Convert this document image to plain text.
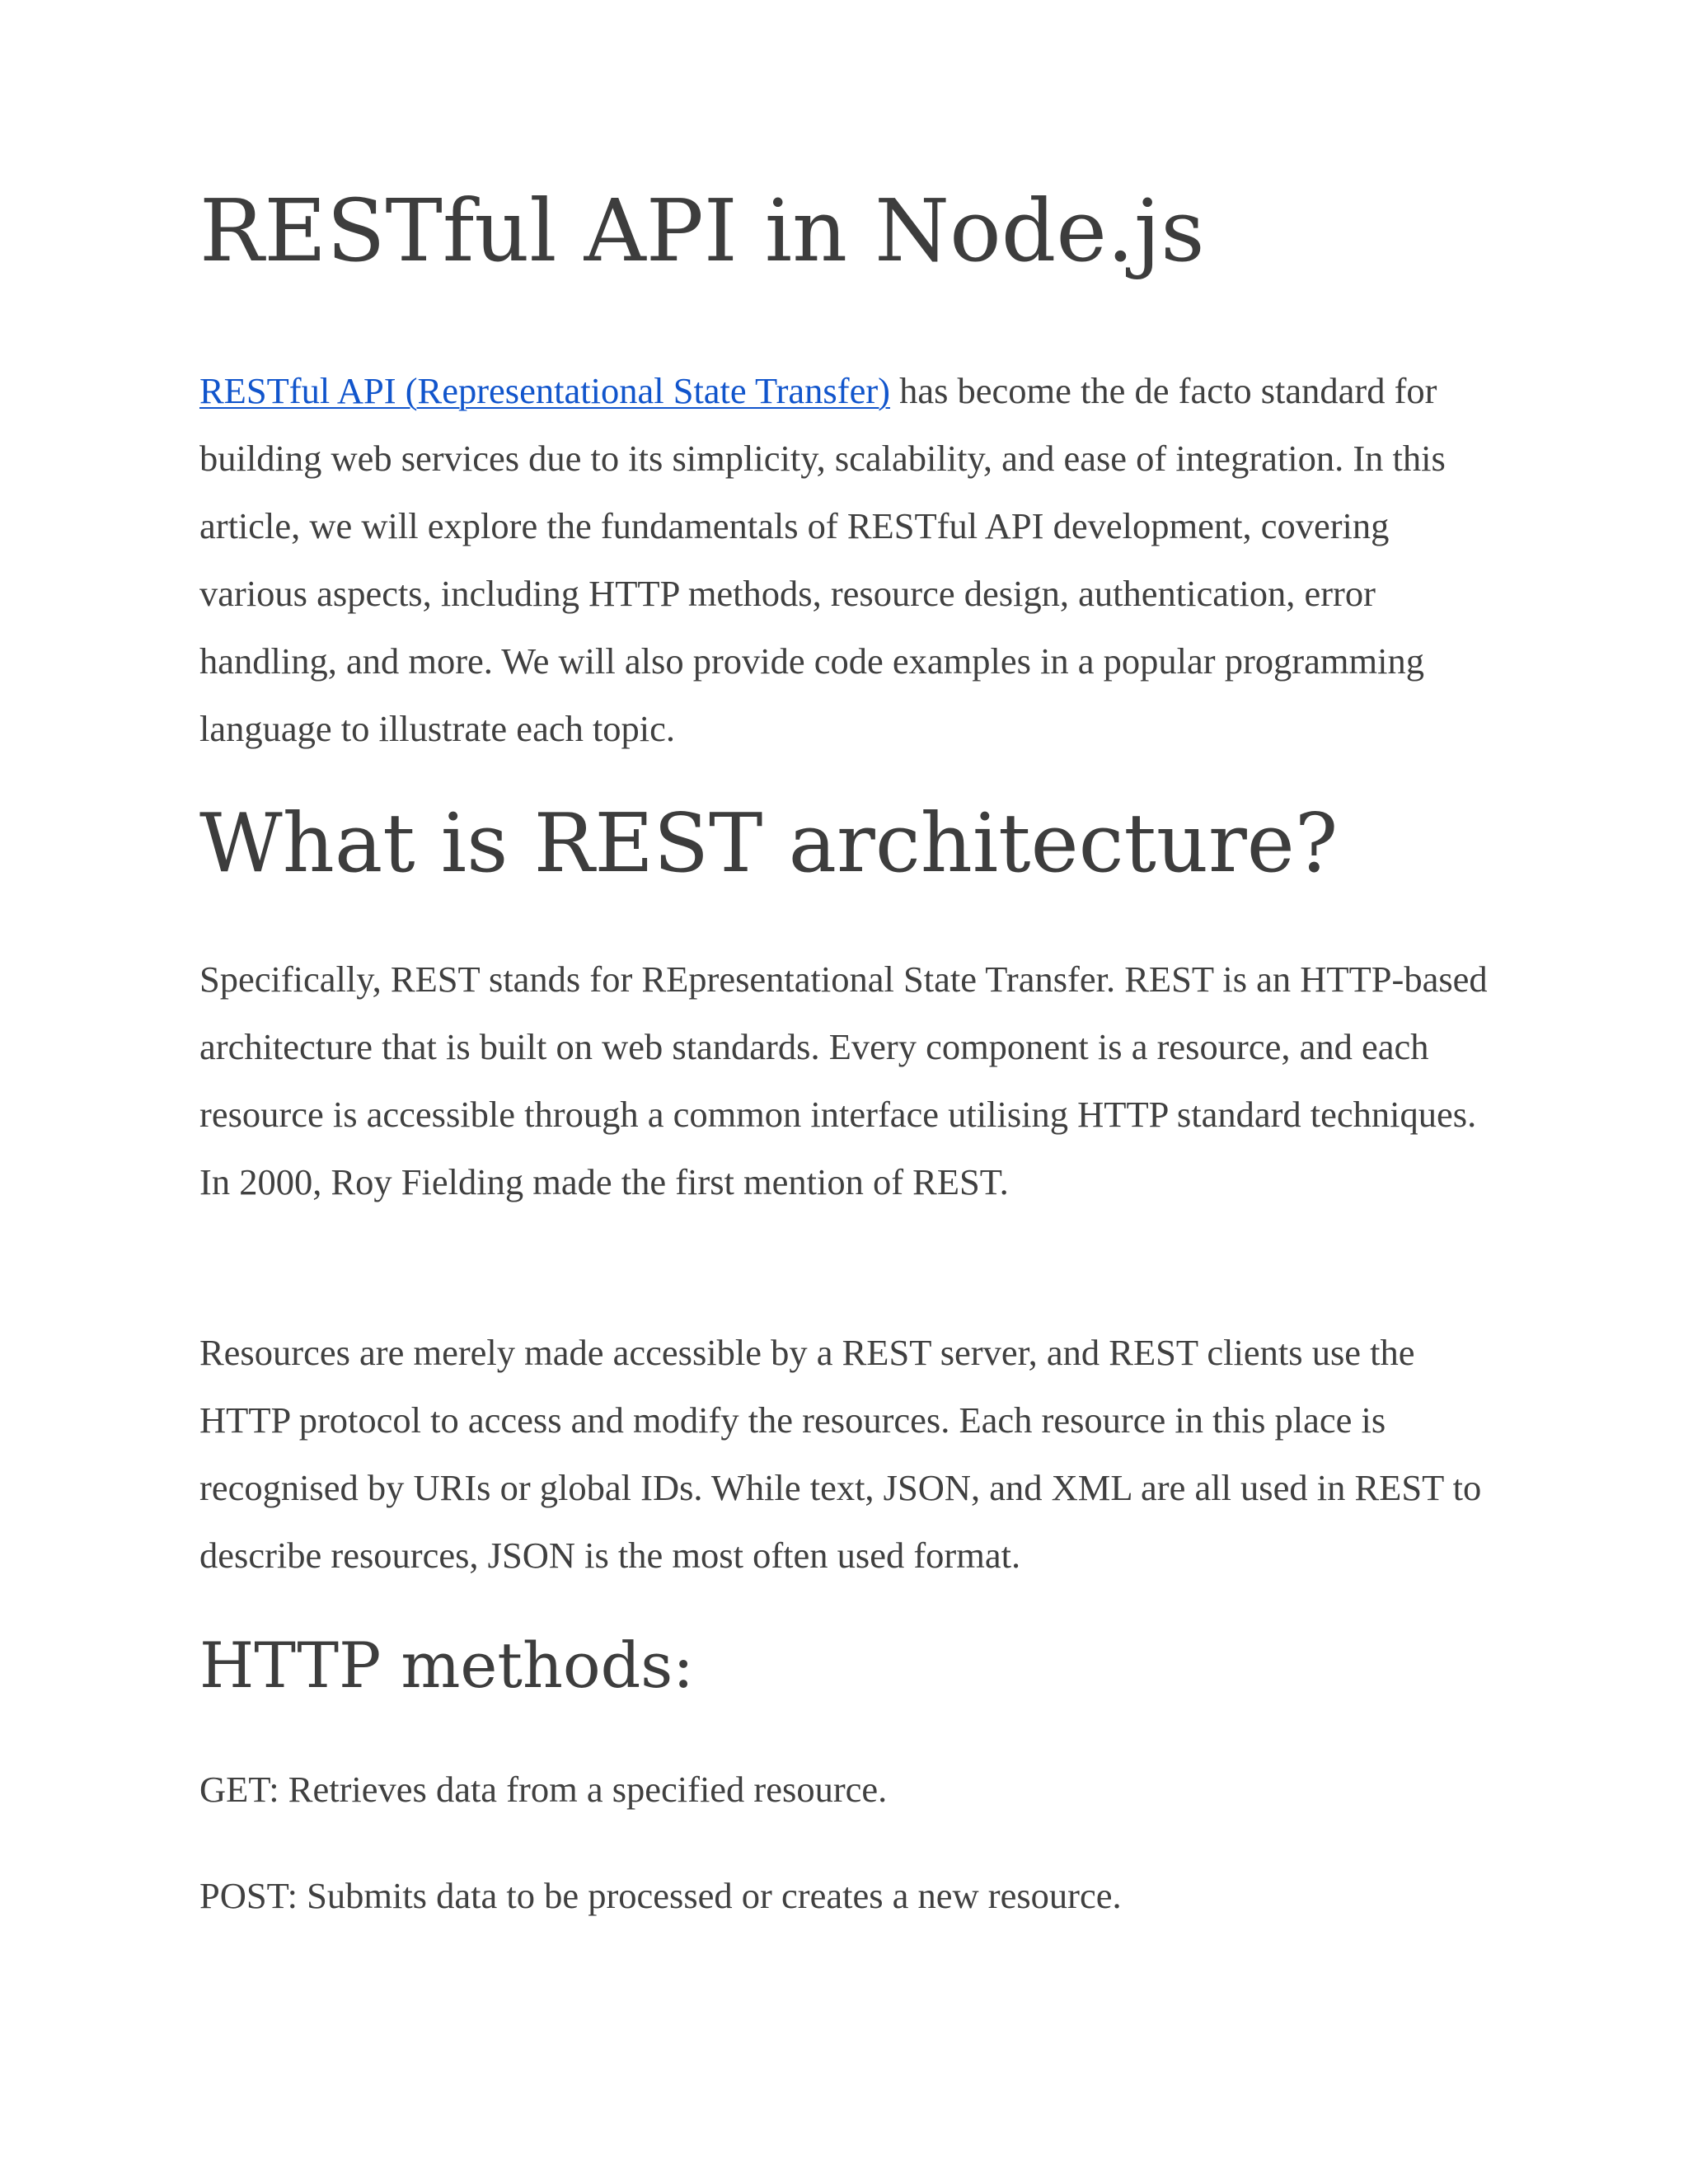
RESTful API in Node.js

RESTful API (Representational State Transfer) has become the de facto standard for building web services due to its simplicity, scalability, and ease of integration. In this article, we will explore the fundamentals of RESTful API development, covering various aspects, including HTTP methods, resource design, authentication, error handling, and more. We will also provide code examples in a popular programming language to illustrate each topic.

What is REST architecture?

Specifically, REST stands for REpresentational State Transfer. REST is an HTTP-based architecture that is built on web standards. Every component is a resource, and each resource is accessible through a common interface utilising HTTP standard techniques. In 2000, Roy Fielding made the first mention of REST.

Resources are merely made accessible by a REST server, and REST clients use the HTTP protocol to access and modify the resources. Each resource in this place is recognised by URIs or global IDs. While text, JSON, and XML are all used in REST to describe resources, JSON is the most often used format.

HTTP methods:

GET: Retrieves data from a specified resource.

POST: Submits data to be processed or creates a new resource.
